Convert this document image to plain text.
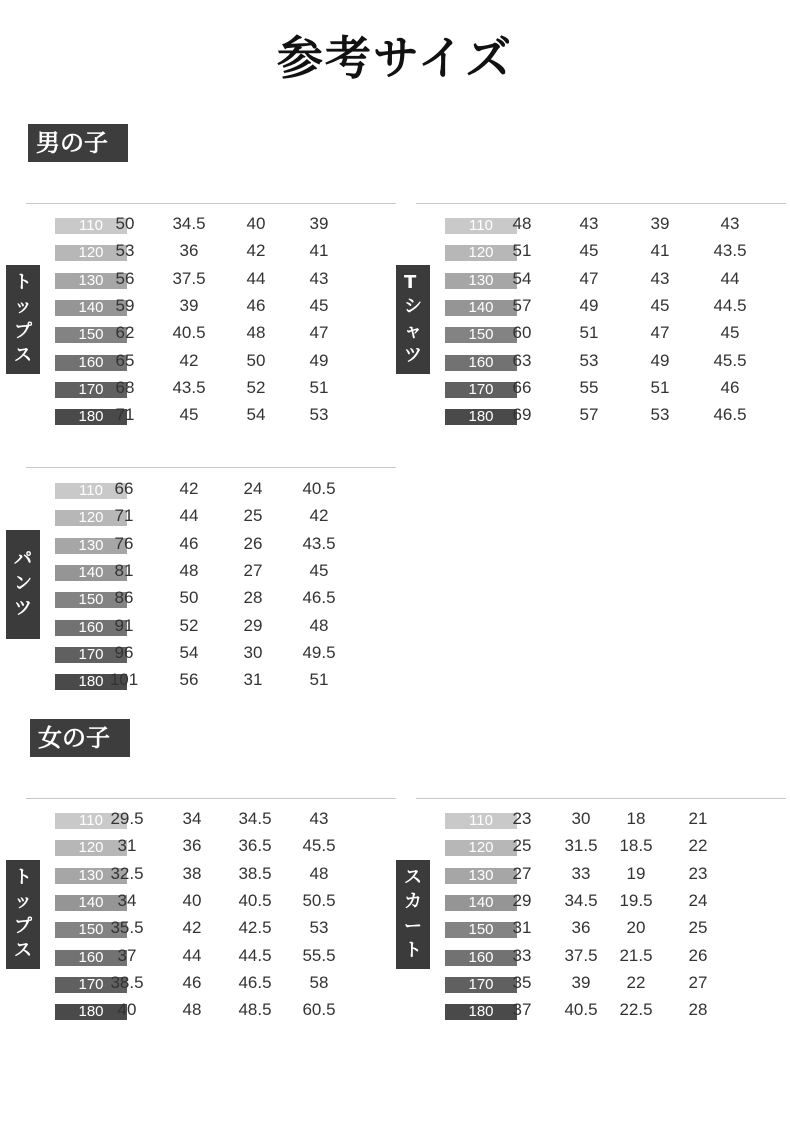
参考サイズ
男の子
ト
ッ
プ
ス
110 50	34.5	40	39
120 53	36	42	41
130 56	37.5	44	43
140 59	39	46	45
150 62	40.5	48	47
160 65	42	50	49
170 68	43.5	52	51
180 71	45	54	53
T
シ
ャ
ツ
110	48	43	39	43
120	51	45	41	43.5
130	54	47	43	44
140	57	49	45	44.5
150	60	51	47	45
160	63	53	49	45.5
170	66	55	51	46
180	69	57	53	46.5
パ
ン
ツ
110 66	42	24	40.5
120 71	44	25	42
130 76	46	26	43.5
140 81	48	27	45
150 86	50	28	46.5
160 91	52	29	48
170 96	54	30	49.5
180 101	56	31	51
女の子
ト
ッ
プ
ス
110 29.5	34	34.5	43
120 31	36	36.5	45.5
130 32.5	38	38.5	48
140 34	40	40.5	50.5
150 35.5	42	42.5	53
160 37	44	44.5	55.5
170 38.5	46	46.5	58
180 40	48	48.5	60.5
ス
カ
ー
ト
110	23	30	18	21
120	25	31.5	18.5	22
130	27	33	19	23
140	29	34.5	19.5	24
150	31	36	20	25
160	33	37.5	21.5	26
170	35	39	22	27
180	37	40.5	22.5	28
